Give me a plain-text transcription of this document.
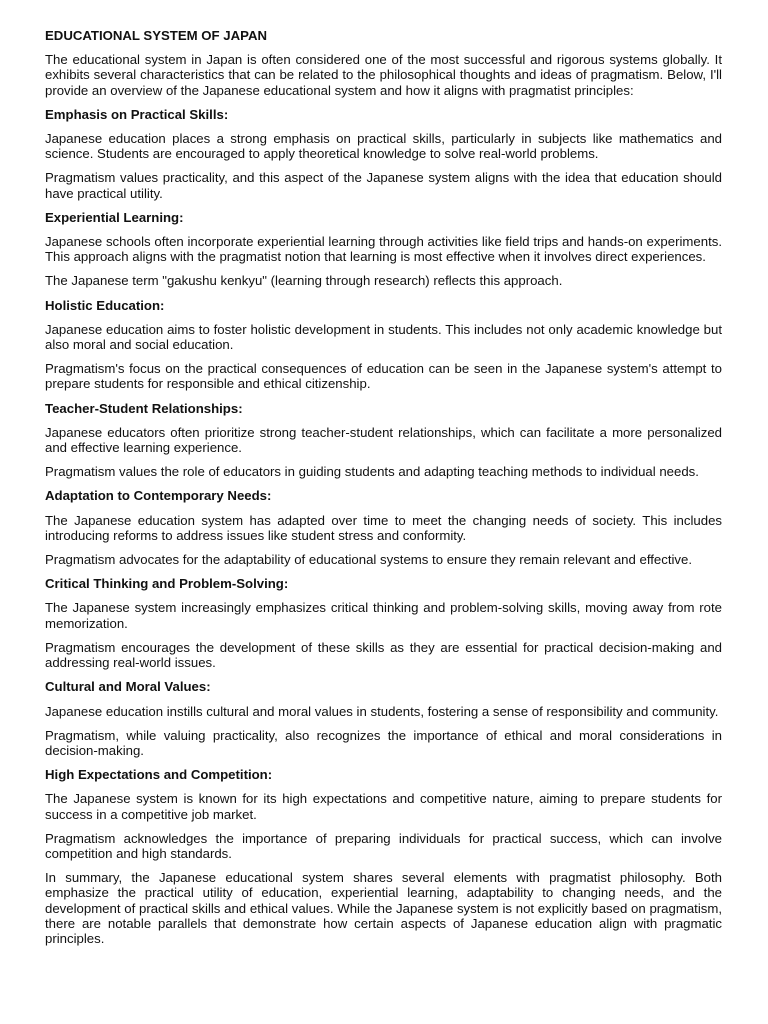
EDUCATIONAL SYSTEM OF JAPAN
The educational system in Japan is often considered one of the most successful and rigorous systems globally. It exhibits several characteristics that can be related to the philosophical thoughts and ideas of pragmatism. Below, I'll provide an overview of the Japanese educational system and how it aligns with pragmatist principles:
Emphasis on Practical Skills:
Japanese education places a strong emphasis on practical skills, particularly in subjects like mathematics and science. Students are encouraged to apply theoretical knowledge to solve real-world problems.
Pragmatism values practicality, and this aspect of the Japanese system aligns with the idea that education should have practical utility.
Experiential Learning:
Japanese schools often incorporate experiential learning through activities like field trips and hands-on experiments. This approach aligns with the pragmatist notion that learning is most effective when it involves direct experiences.
The Japanese term "gakushu kenkyu" (learning through research) reflects this approach.
Holistic Education:
Japanese education aims to foster holistic development in students. This includes not only academic knowledge but also moral and social education.
Pragmatism's focus on the practical consequences of education can be seen in the Japanese system's attempt to prepare students for responsible and ethical citizenship.
Teacher-Student Relationships:
Japanese educators often prioritize strong teacher-student relationships, which can facilitate a more personalized and effective learning experience.
Pragmatism values the role of educators in guiding students and adapting teaching methods to individual needs.
Adaptation to Contemporary Needs:
The Japanese education system has adapted over time to meet the changing needs of society. This includes introducing reforms to address issues like student stress and conformity.
Pragmatism advocates for the adaptability of educational systems to ensure they remain relevant and effective.
Critical Thinking and Problem-Solving:
The Japanese system increasingly emphasizes critical thinking and problem-solving skills, moving away from rote memorization.
Pragmatism encourages the development of these skills as they are essential for practical decision-making and addressing real-world issues.
Cultural and Moral Values:
Japanese education instills cultural and moral values in students, fostering a sense of responsibility and community.
Pragmatism, while valuing practicality, also recognizes the importance of ethical and moral considerations in decision-making.
High Expectations and Competition:
The Japanese system is known for its high expectations and competitive nature, aiming to prepare students for success in a competitive job market.
Pragmatism acknowledges the importance of preparing individuals for practical success, which can involve competition and high standards.
In summary, the Japanese educational system shares several elements with pragmatist philosophy. Both emphasize the practical utility of education, experiential learning, adaptability to changing needs, and the development of practical skills and ethical values. While the Japanese system is not explicitly based on pragmatism, there are notable parallels that demonstrate how certain aspects of Japanese education align with pragmatic principles.
